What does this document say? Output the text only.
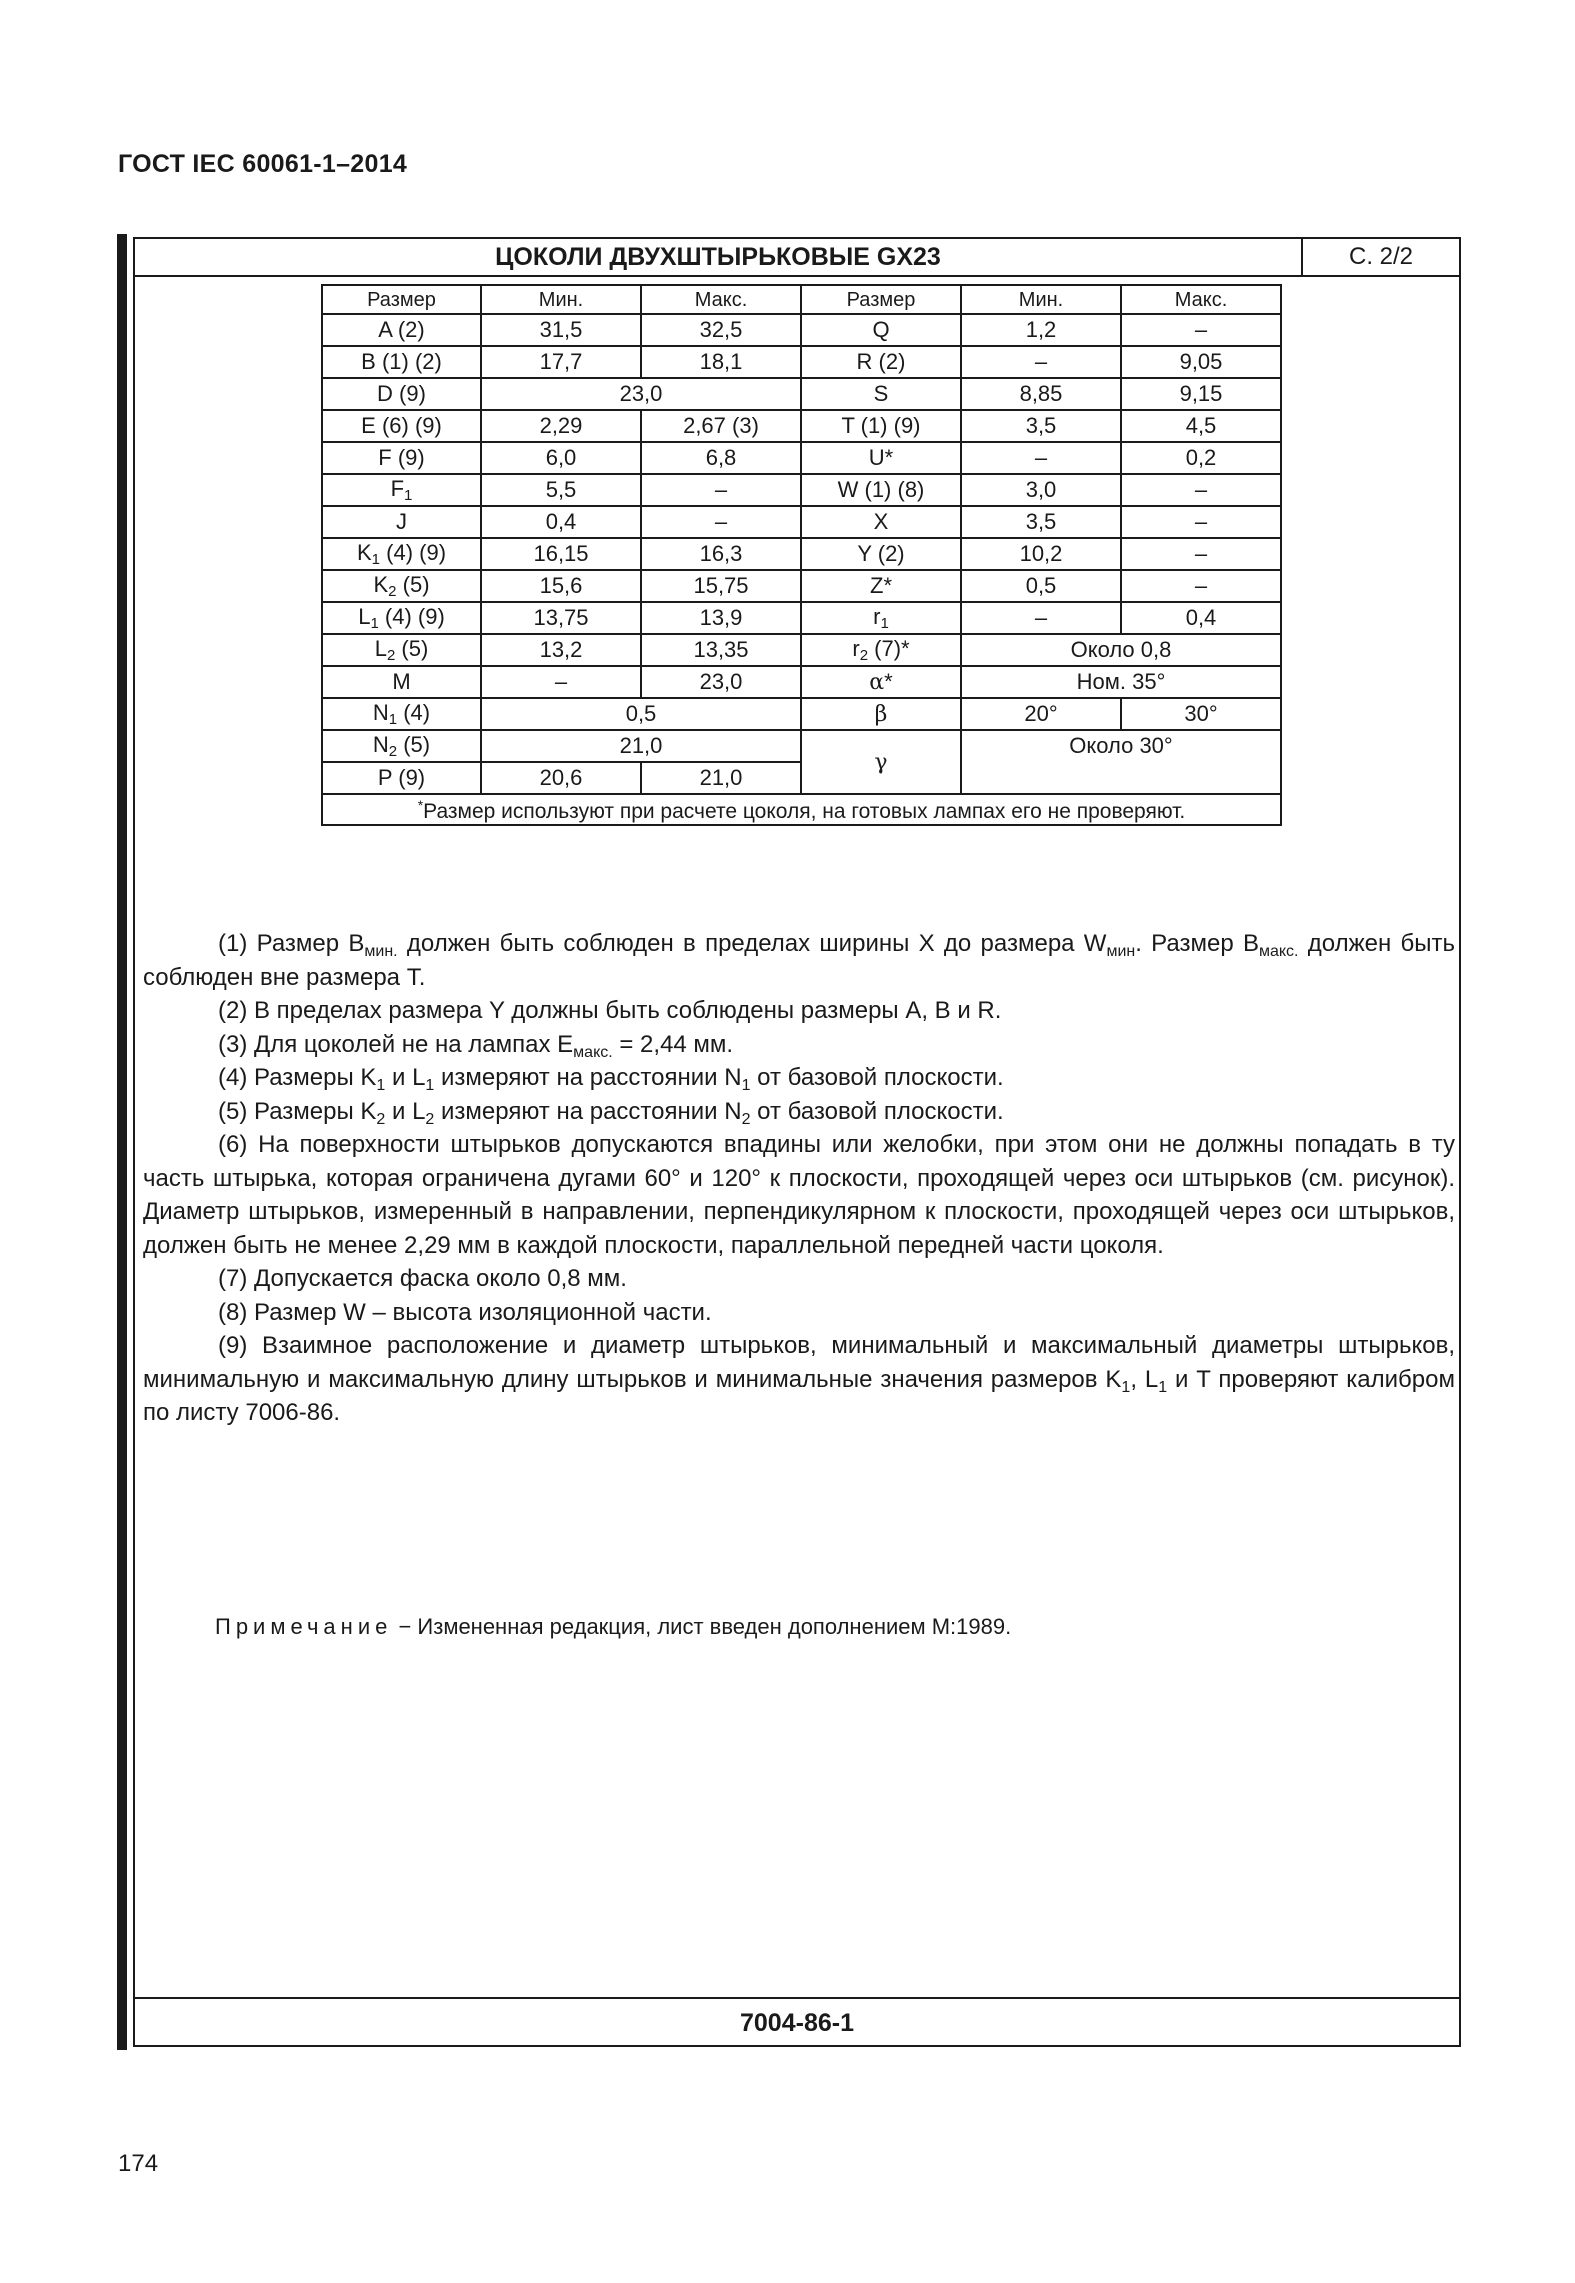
ГОСТ IEC 60061-1–2014
ЦОКОЛИ ДВУХШТЫРЬКОВЫЕ GX23	С. 2/2
Размер	Мин.	Макс.	Размер	Мин.	Макс.
A (2)	31,5	32,5	Q	1,2	–
B (1) (2)	17,7	18,1	R (2)	–	9,05
D (9)	23,0		S	8,85	9,15
E (6) (9)	2,29	2,67 (3)	T (1) (9)	3,5	4,5
F (9)	6,0	6,8	U*	–	0,2
$F_1$	5,5	–	W (1) (8)	3,0	–
J	0,4	–	X	3,5	–
$K_1$ (4) (9)	16,15	16,3	Y (2)	10,2	–
$K_2$ (5)	15,6	15,75	Z*	0,5	–
$L_1$ (4) (9)	13,75	13,9	$r_1$	–	0,4
$L_2$ (5)	13,2	13,35	$r_2$ (7)*	Около 0,8	
M	–	23,0	α*	Ном. 35°	
$N_1$ (4)	0,5		β	20°	30°
$N_2$ (5)	21,0		γ	Около 30°	
P (9)	20,6	21,0			
*Размер используют при расчете цоколя, на готовых лампах его не проверяют.					

(1) Размер $B_{мин.}$ должен быть соблюден в пределах ширины X до размера $W_{мин}$. Размер $B_{макс.}$ должен быть соблюден вне размера T.

(2) В пределах размера Y должны быть соблюдены размеры A, B и R.

(3) Для цоколей не на лампах $E_{макс.} = 2,44$ мм.

(4) Размеры $K_1$ и $L_1$ измеряют на расстоянии $N_1$ от базовой плоскости.

(5) Размеры $K_2$ и $L_2$ измеряют на расстоянии $N_2$ от базовой плоскости.

(6) На поверхности штырьков допускаются впадины или желобки, при этом они не должны попадать в ту часть штырька, которая ограничена дугами 60° и 120° к плоскости, проходящей через оси штырьков (см. рисунок). Диаметр штырьков, измеренный в направлении, перпендикулярном к плоскости, проходящей через оси штырьков, должен быть не менее 2,29 мм в каждой плоскости, параллельной передней части цоколя.

(7) Допускается фаска около 0,8 мм.

(8) Размер W – высота изоляционной части.

(9) Взаимное расположение и диаметр штырьков, минимальный и максимальный диаметры штырьков, минимальную и максимальную длину штырьков и минимальные значения размеров $K_1$, $L_1$ и T проверяют калибром по листу 7006-86.

Примечание − Измененная редакция, лист введен дополнением M:1989.
7004-86-1
174
